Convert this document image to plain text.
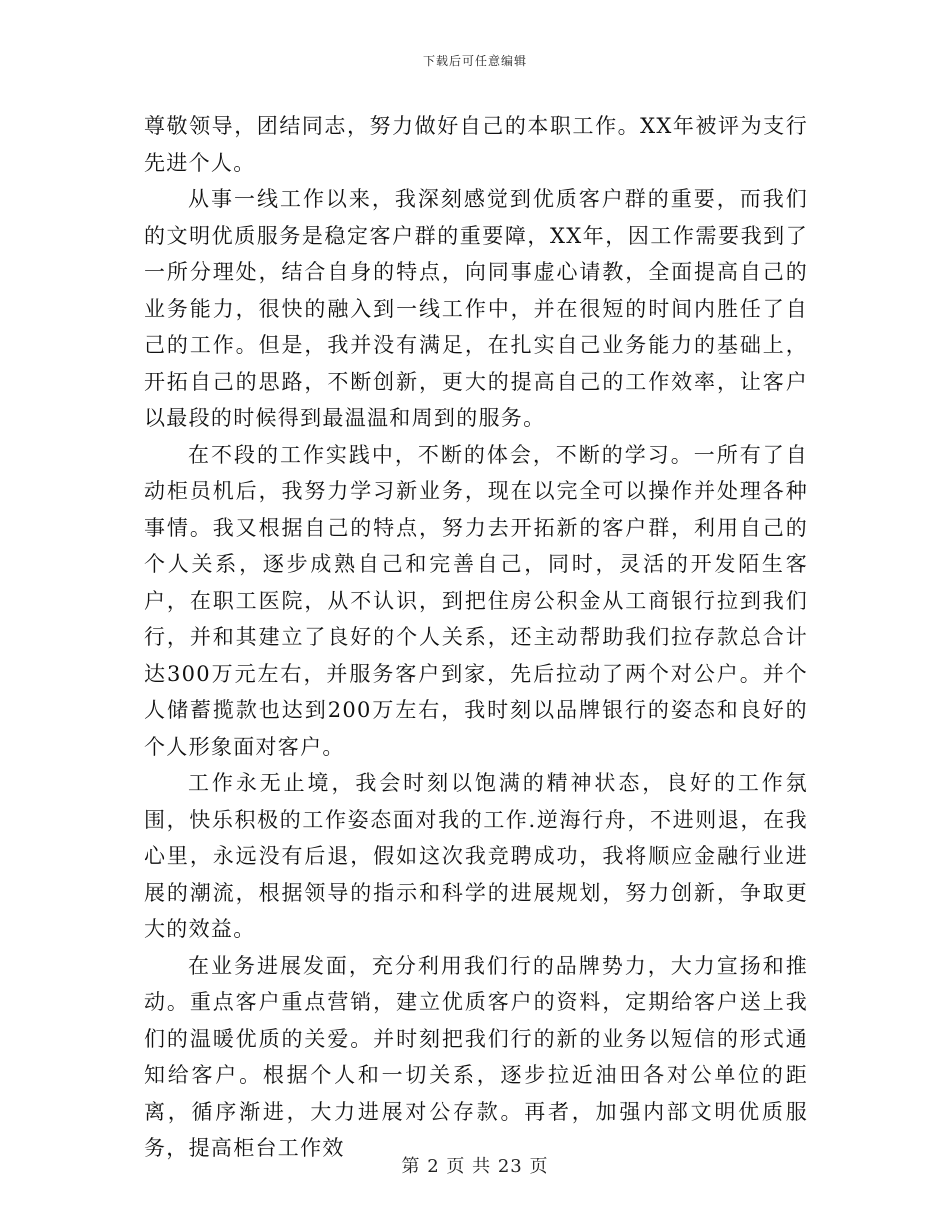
下载后可任意编辑

尊敬领导，团结同志，努力做好自己的本职工作。XX年被评为支行先进个人。

从事一线工作以来，我深刻感觉到优质客户群的重要，而我们的文明优质服务是稳定客户群的重要障，XX年，因工作需要我到了一所分理处，结合自身的特点，向同事虚心请教，全面提高自己的业务能力，很快的融入到一线工作中，并在很短的时间内胜任了自己的工作。但是，我并没有满足，在扎实自己业务能力的基础上，开拓自己的思路，不断创新，更大的提高自己的工作效率，让客户以最段的时候得到最温温和周到的服务。

在不段的工作实践中，不断的体会，不断的学习。一所有了自动柜员机后，我努力学习新业务，现在以完全可以操作并处理各种事情。我又根据自己的特点，努力去开拓新的客户群，利用自己的个人关系，逐步成熟自己和完善自己，同时，灵活的开发陌生客户，在职工医院，从不认识，到把住房公积金从工商银行拉到我们行，并和其建立了良好的个人关系，还主动帮助我们拉存款总合计达300万元左右，并服务客户到家，先后拉动了两个对公户。并个人储蓄揽款也达到200万左右，我时刻以品牌银行的姿态和良好的个人形象面对客户。

工作永无止境，我会时刻以饱满的精神状态，良好的工作氛围，快乐积极的工作姿态面对我的工作.逆海行舟，不进则退，在我心里，永远没有后退，假如这次我竞聘成功，我将顺应金融行业进展的潮流，根据领导的指示和科学的进展规划，努力创新，争取更大的效益。

在业务进展发面，充分利用我们行的品牌势力，大力宣扬和推动。重点客户重点营销，建立优质客户的资料，定期给客户送上我们的温暖优质的关爱。并时刻把我们行的新的业务以短信的形式通知给客户。根据个人和一切关系，逐步拉近油田各对公单位的距离，循序渐进，大力进展对公存款。再者，加强内部文明优质服务，提高柜台工作效

第 2 页 共 23 页
